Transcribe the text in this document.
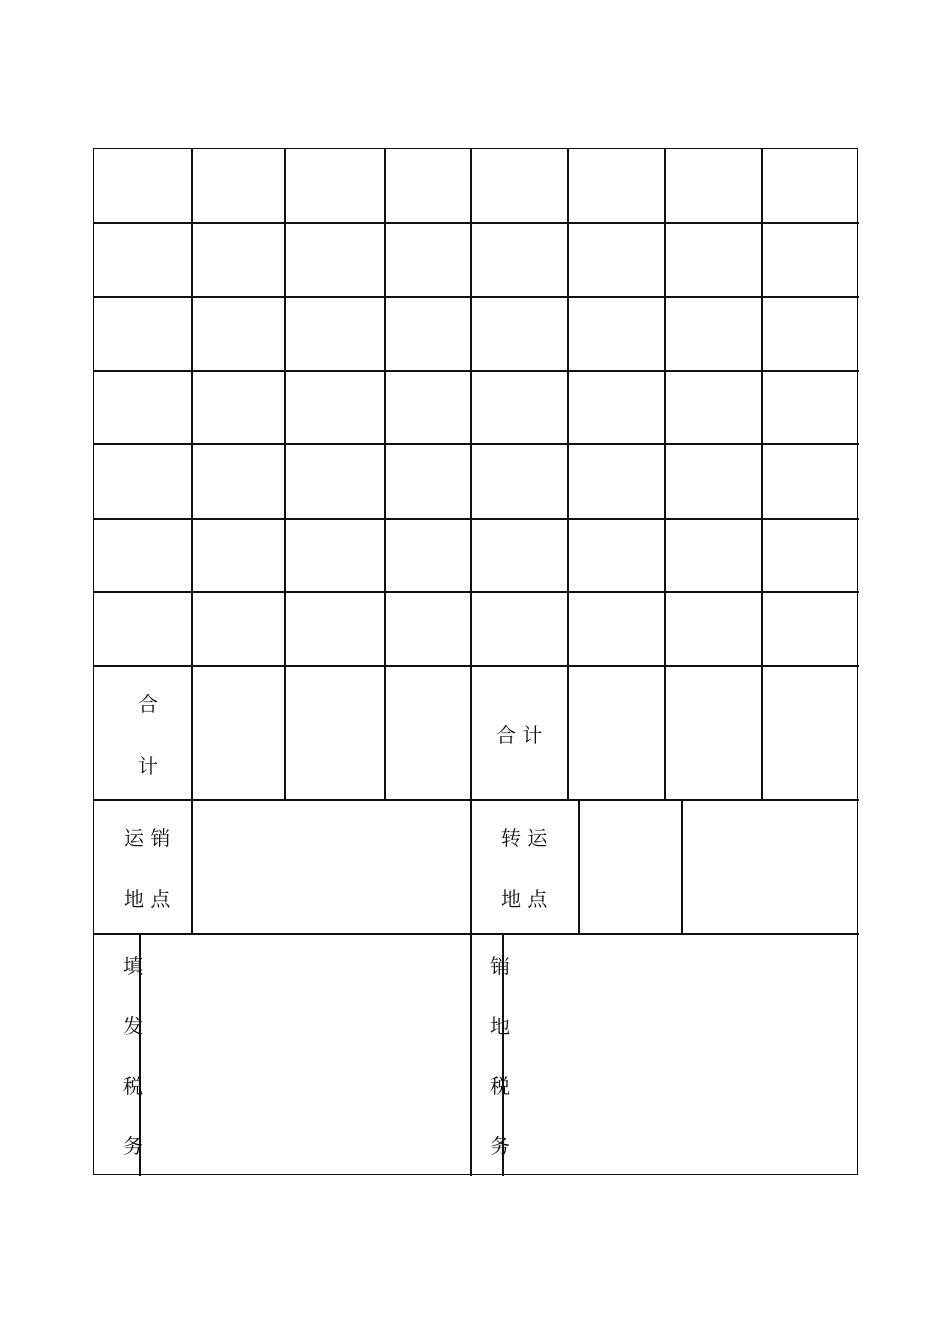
合
计
合 计
运 销
地 点
转 运
地 点
填
发
税
务
销
地
税
务
